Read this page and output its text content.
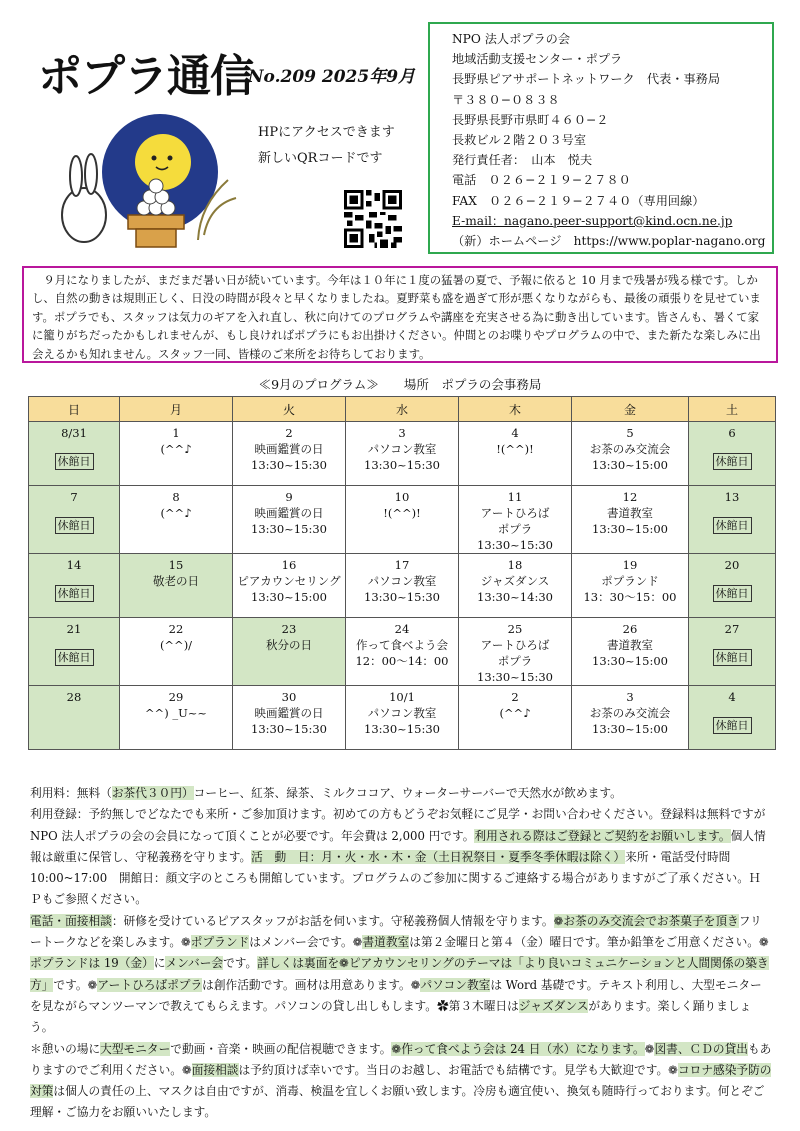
ポプラ通信
No.209 2025年9月
HPにアクセスできます
新しいQRコードです
NPO 法人ポプラの会
地域活動支援センター・ポプラ
長野県ピアサポートネットワーク　代表・事務局
〒３８０−０８３８
長野県長野市県町４６０−２
長救ビル２階２０３号室
発行責任者：　山本　悦夫
電話　０２６−２１９−２７８０
FAX　０２６−２１９−２７４０（専用回線）
E-mail：nagano.peer-support@kind.ocn.ne.jp
（新）ホームページ　https://www.poplar-nagano.org
　９月になりましたが、まだまだ暑い日が続いています。今年は１０年に１度の猛暑の夏で、予報に依ると 10 月まで残暑が残る様です。しかし、自然の動きは規則正しく、日没の時間が段々と早くなりましたね。夏野菜も盛を過ぎて形が悪くなりながらも、最後の頑張りを見せています。ポプラでも、スタッフは気力のギアを入れ直し、秋に向けてのプログラムや講座を充実させる為に動き出しています。皆さんも、暑くて家に籠りがちだったかもしれませんが、もし良ければポプラにもお出掛けください。仲間とのお喋りやプログラムの中で、また新たな楽しみに出会えるかも知れません。スタッフ一同、皆様のご来所をお待ちしております。
≪9月のプログラム≫　　場所　ポプラの会事務局
日	月	火	水	木	金	土

8/31
休館日	1
(^^♪	2
映画鑑賞の日
13:30~15:30	3
パソコン教室
13:30~15:30	4
!(^^)!	5
お茶のみ交流会
13:30~15:00	6
休館日

7
休館日	8
(^^♪	9
映画鑑賞の日
13:30~15:30	10
!(^^)!	11
アートひろば
ポプラ
13:30~15:30	12
書道教室
13:30~15:00	13
休館日

14
休館日	15
敬老の日	16
ピアカウンセリング
13:30~15:00	17
パソコン教室
13:30~15:30	18
ジャズダンス
13:30~14:30	19
ポプランド
13：30～15：00	20
休館日

21
休館日	22
(^^)/	23
秋分の日	24
作って食べよう会
12：00～14：00	25
アートひろば
ポプラ
13:30~15:30	26
書道教室
13:30~15:00	27
休館日

28	29
^^) _U~~	30
映画鑑賞の日
13:30~15:30	10/1
パソコン教室
13:30~15:30	2
(^^♪	3
お茶のみ交流会
13:30~15:00	4
休館日
利用料：無料（お茶代３０円）コーヒー、紅茶、緑茶、ミルクココア、ウォーターサーバーで天然水が飲めます。
利用登録：予約無しでどなたでも来所・ご参加頂けます。初めての方もどうぞお気軽にご見学・お問い合わせください。登録料は無料ですがNPO 法人ポプラの会の会員になって頂くことが必要です。年会費は 2,000 円です。利用される際はご登録とご契約をお願いします。個人情報は厳重に保管し、守秘義務を守ります。活　動　日：月・火・水・木・金（土日祝祭日・夏季冬季休暇は除く）来所・電話受付時間　10:00~17:00　開館日：顔文字のところも開館しています。プログラムのご参加に関するご連絡する場合がありますがご了承ください。ＨＰもご参照ください。
電話・面接相談：研修を受けているピアスタッフがお話を伺います。守秘義務個人情報を守ります。❁お茶のみ交流会でお茶菓子を頂きフリートークなどを楽しみます。❁ポプランドはメンバー会です。❁書道教室は第２金曜日と第４（金）曜日です。筆か鉛筆をご用意ください。❁ポプランドは 19（金）にメンバー会です。詳しくは裏面を❁ピアカウンセリングのテーマは「より良いコミュニケーションと人間関係の築き方」です。❁アートひろばポプラは創作活動です。画材は用意あります。❁パソコン教室は Word 基礎です。テキスト利用し、大型モニターを見ながらマンツーマンで教えてもらえます。パソコンの貸し出しもします。✿第３木曜日はジャズダンスがあります。楽しく踊りましょう。
＊憩いの場に大型モニターで動画・音楽・映画の配信視聴できます。❁作って食べよう会は 24 日（水）になります。❁図書、ＣＤの貸出もありますのでご利用ください。❁面接相談は予約頂けば幸いです。当日のお越し、お電話でも結構です。見学も大歓迎です。❁コロナ感染予防の対策は個人の責任の上、マスクは自由ですが、消毒、検温を宜しくお願い致します。冷房も適宜使い、換気も随時行っております。何とぞご理解・ご協力をお願いいたします。
